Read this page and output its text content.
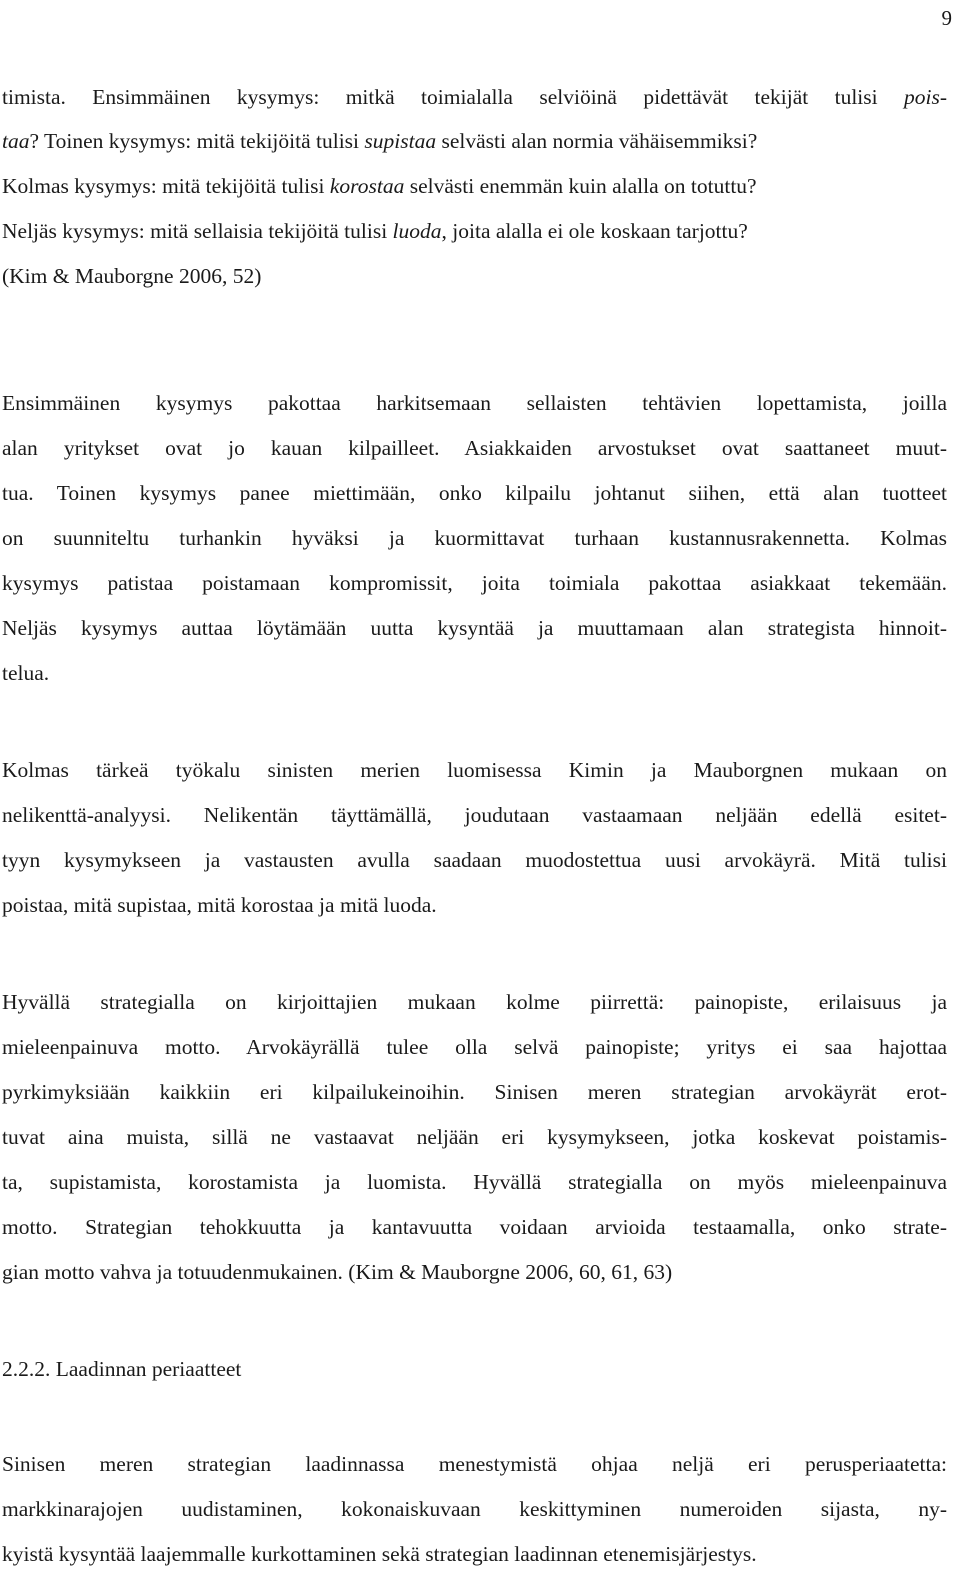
9
timista. Ensimmäinen kysymys: mitkä toimialalla selviöinä pidettävät tekijät tulisi pois-
taa? Toinen kysymys: mitä tekijöitä tulisi supistaa selvästi alan normia vähäisemmiksi?
Kolmas kysymys: mitä tekijöitä tulisi korostaa selvästi enemmän kuin alalla on totuttu?
Neljäs kysymys: mitä sellaisia tekijöitä tulisi luoda, joita alalla ei ole koskaan tarjottu?
(Kim & Mauborgne 2006, 52)
Ensimmäinen kysymys pakottaa harkitsemaan sellaisten tehtävien lopettamista, joilla
alan yritykset ovat jo kauan kilpailleet. Asiakkaiden arvostukset ovat saattaneet muut-
tua. Toinen kysymys panee miettimään, onko kilpailu johtanut siihen, että alan tuotteet
on suunniteltu turhankin hyväksi ja kuormittavat turhaan kustannusrakennetta. Kolmas
kysymys patistaa poistamaan kompromissit, joita toimiala pakottaa asiakkaat tekemään.
Neljäs kysymys auttaa löytämään uutta kysyntää ja muuttamaan alan strategista hinnoit-
telua.
Kolmas tärkeä työkalu sinisten merien luomisessa Kimin ja Mauborgnen mukaan on
nelikenttä-analyysi. Nelikentän täyttämällä, joudutaan vastaamaan neljään edellä esitet-
tyyn kysymykseen ja vastausten avulla saadaan muodostettua uusi arvokäyrä. Mitä tulisi
poistaa, mitä supistaa, mitä korostaa ja mitä luoda.
Hyvällä strategialla on kirjoittajien mukaan kolme piirrettä: painopiste, erilaisuus ja
mieleenpainuva motto. Arvokäyrällä tulee olla selvä painopiste; yritys ei saa hajottaa
pyrkimyksiään kaikkiin eri kilpailukeinoihin. Sinisen meren strategian arvokäyrät erot-
tuvat aina muista, sillä ne vastaavat neljään eri kysymykseen, jotka koskevat poistamis-
ta, supistamista, korostamista ja luomista. Hyvällä strategialla on myös mieleenpainuva
motto. Strategian tehokkuutta ja kantavuutta voidaan arvioida testaamalla, onko strate-
gian motto vahva ja totuudenmukainen. (Kim & Mauborgne 2006, 60, 61, 63)
2.2.2. Laadinnan periaatteet
Sinisen meren strategian laadinnassa menestymistä ohjaa neljä eri perusperiaatetta:
markkinarajojen uudistaminen, kokonaiskuvaan keskittyminen numeroiden sijasta, ny-
kyistä kysyntää laajemmalle kurkottaminen sekä strategian laadinnan etenemisjärjestys.
